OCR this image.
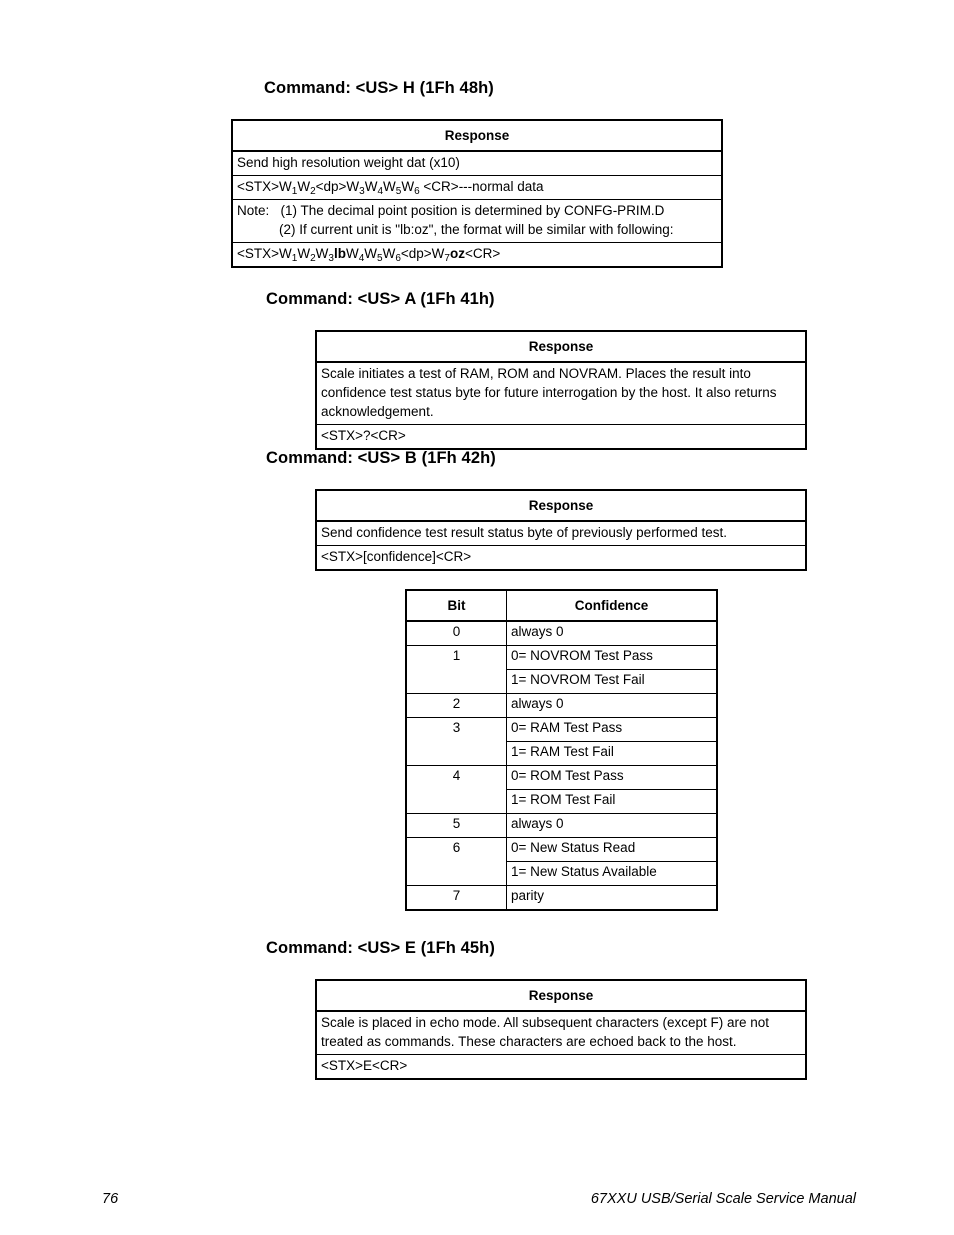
Command: <US> H (1Fh 48h)
Response
Send high resolution weight dat (x10)
$<STX>W_1W_2<dp>W_3W_4W_5W_6$ <CR>---normal data

Note: (1) The decimal point position is determined by CONFG-PRIM.D
(2) If current unit is "lb:oz", the format will be similar with following:

$<STX>W_1W_2W_3lbW_4W_5W_6<dp>W_7oz<CR>$
Command: <US> A (1Fh 41h)
Response
Scale initiates a test of RAM, ROM and NOVRAM. Places the result into confidence test status byte for future interrogation by the host. It also returns acknowledgement.
<STX>?<CR>
Command: <US> B (1Fh 42h)
Response
Send confidence test result status byte of previously performed test.
<STX>[confidence]<CR>
Bit	Confidence
0	always 0
1	0= NOVROM Test Pass
	1= NOVROM Test Fail
2	always 0
3	0= RAM Test Pass
	1= RAM Test Fail
4	0= ROM Test Pass
	1= ROM Test Fail
5	always 0
6	0= New Status Read
	1= New Status Available
7	parity
Command: <US> E (1Fh 45h)
Response
Scale is placed in echo mode. All subsequent characters (except F) are not treated as commands. These characters are echoed back to the host.
<STX>E<CR>
76	67XXU USB/Serial Scale Service Manual
